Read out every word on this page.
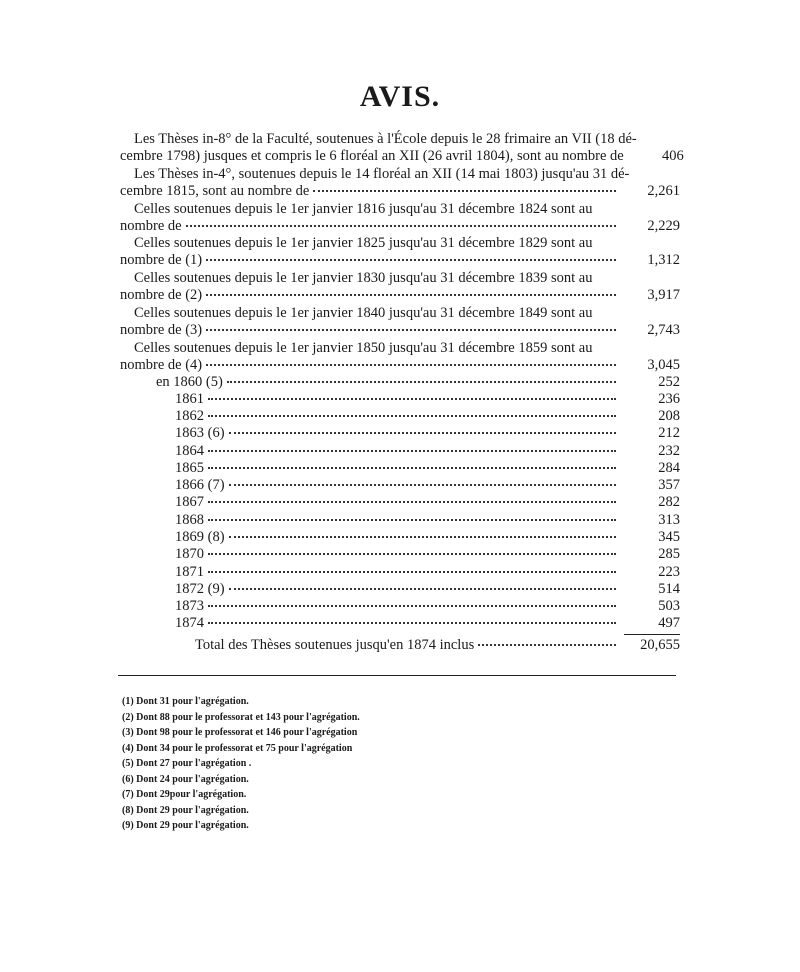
AVIS.
Les Thèses in-8° de la Faculté, soutenues à l'École depuis le 28 frimaire an VII (18 dé-
cembre 1798) jusques et compris le 6 floréal an XII (26 avril 1804), sont au nombre de	406
Les Thèses in-4°, soutenues depuis le 14 floréal an XII (14 mai 1803) jusqu'au 31 dé-
cembre 1815, sont au nombre de	2,261
Celles soutenues depuis le 1er janvier 1816 jusqu'au 31 décembre 1824 sont au
nombre de	2,229
Celles soutenues depuis le 1er janvier 1825 jusqu'au 31 décembre 1829 sont au
nombre de (1)	1,312
Celles soutenues depuis le 1er janvier 1830 jusqu'au 31 décembre 1839 sont au
nombre de (2)	3,917
Celles soutenues depuis le 1er janvier 1840 jusqu'au 31 décembre 1849 sont au
nombre de (3)	2,743
Celles soutenues depuis le 1er janvier 1850 jusqu'au 31 décembre 1859 sont au
nombre de (4)	3,045
en 1860 (5)	252
1861	236
1862	208
1863 (6)	212
1864	232
1865	284
1866 (7)	357
1867	282
1868	313
1869 (8)	345
1870	285
1871	223
1872 (9)	514
1873	503
1874	497
Total des Thèses soutenues jusqu'en 1874 inclus	20,655
(1) Dont 31 pour l'agrégation.
(2) Dont 88 pour le professorat et 143 pour l'agrégation.
(3) Dont 98 pour le professorat et 146 pour l'agrégation
(4) Dont 34 pour le professorat et 75 pour l'agrégation
(5) Dont 27 pour l'agrégation .
(6) Dont 24 pour l'agrégation.
(7) Dont 29pour l'agrégation.
(8) Dont 29 pour l'agrégation.
(9) Dont 29 pour l'agrégation.
